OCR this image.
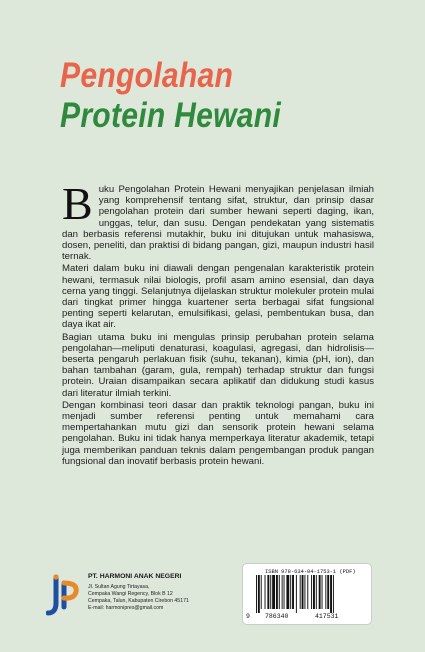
Pengolahan
Protein Hewani

Buku Pengolahan Protein Hewani menyajikan penjelasan ilmiah yang komprehensif tentang sifat, struktur, dan prinsip dasar pengolahan protein dari sumber hewani seperti daging, ikan, unggas, telur, dan susu. Dengan pendekatan yang sistematis dan berbasis referensi mutakhir, buku ini ditujukan untuk mahasiswa, dosen, peneliti, dan praktisi di bidang pangan, gizi, maupun industri hasil ternak.

Materi dalam buku ini diawali dengan pengenalan karakteristik protein hewani, termasuk nilai biologis, profil asam amino esensial, dan daya cerna yang tinggi. Selanjutnya dijelaskan struktur molekuler protein mulai dari tingkat primer hingga kuartener serta berbagai sifat fungsional penting seperti kelarutan, emulsifikasi, gelasi, pembentukan busa, dan daya ikat air.

Bagian utama buku ini mengulas prinsip perubahan protein selama pengolahan—meliputi denaturasi, koagulasi, agregasi, dan hidrolisis—beserta pengaruh perlakuan fisik (suhu, tekanan), kimia (pH, ion), dan bahan tambahan (garam, gula, rempah) terhadap struktur dan fungsi protein. Uraian disampaikan secara aplikatif dan didukung studi kasus dari literatur ilmiah terkini.

Dengan kombinasi teori dasar dan praktik teknologi pangan, buku ini menjadi sumber referensi penting untuk memahami cara mempertahankan mutu gizi dan sensorik protein hewani selama pengolahan. Buku ini tidak hanya memperkaya literatur akademik, tetapi juga memberikan panduan teknis dalam pengembangan produk pangan fungsional dan inovatif berbasis protein hewani.

PT. HARMONI ANAK NEGERI
Jl. Sultan Agung Tirtayasa,
Cempaka Wangi Regency, Blok B 12
Cempaka, Talun, Kabupaten Cirebon 45171
E-mail: harmonipres@gmail.com
ISBN 978-634-04-1753-1 (PDF)
9 786340	417531
